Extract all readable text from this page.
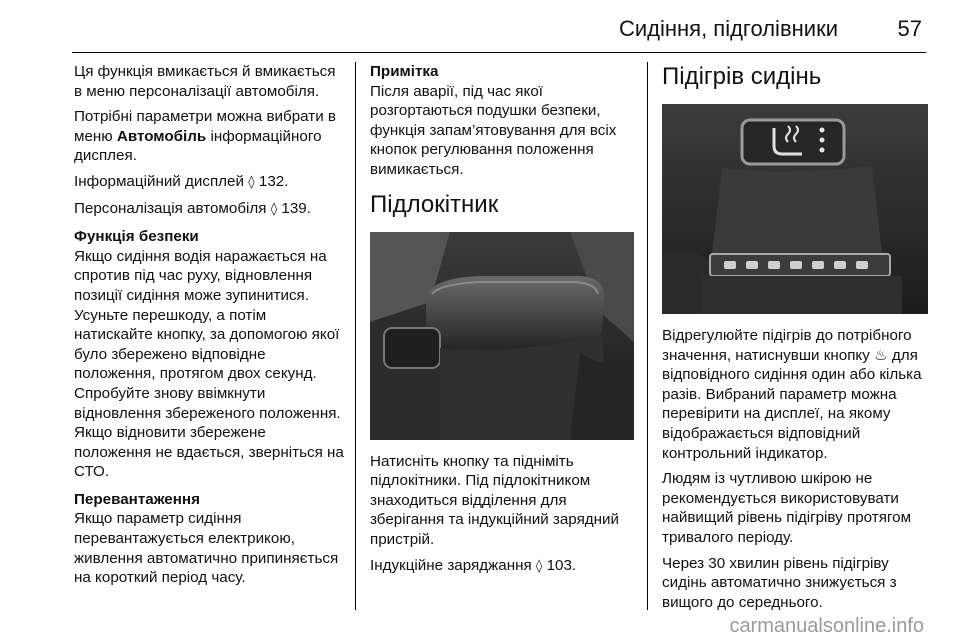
Сидіння, підголівники	57

Ця функція вмикається й вмикається в меню персоналізації автомобіля.

Потрібні параметри можна вибрати в меню Автомобіль інформаційного дисплея.

Інформаційний дисплей ◊ 132.

Персоналізація автомобіля ◊ 139.

Функція безпеки

Якщо сидіння водія наражається на спротив під час руху, відновлення позиції сидіння може зупинитися. Усуньте перешкоду, а потім натискайте кнопку, за допомогою якої було збережено відповідне положення, протягом двох секунд. Спробуйте знову ввімкнути відновлення збереженого положення. Якщо відновити збережене положення не вдається, зверніться на СТО.

Перевантаження

Якщо параметр сидіння перевантажується електрикою, живлення автоматично припиняється на короткий період часу.

Примітка

Після аварії, під час якої розгортаються подушки безпеки, функція запам’ятовування для всіх кнопок регулювання положення вимикається.

Підлокітник

Натисніть кнопку та підніміть підлокітники. Під підлокітником знаходиться відділення для зберігання та індукційний зарядний пристрій.

Індукційне заряджання ◊ 103.

Підігрів сидінь

Відрегулюйте підігрів до потрібного значення, натиснувши кнопку ♨ для відповідного сидіння один або кілька разів. Вибраний параметр можна перевірити на дисплеї, на якому відображається відповідний контрольний індикатор.

Людям із чутливою шкірою не рекомендується використовувати найвищий рівень підігріву протягом тривалого періоду.

Через 30 хвилин рівень підігріву сидінь автоматично знижується з вищого до середнього.

carmanualsonline.info
